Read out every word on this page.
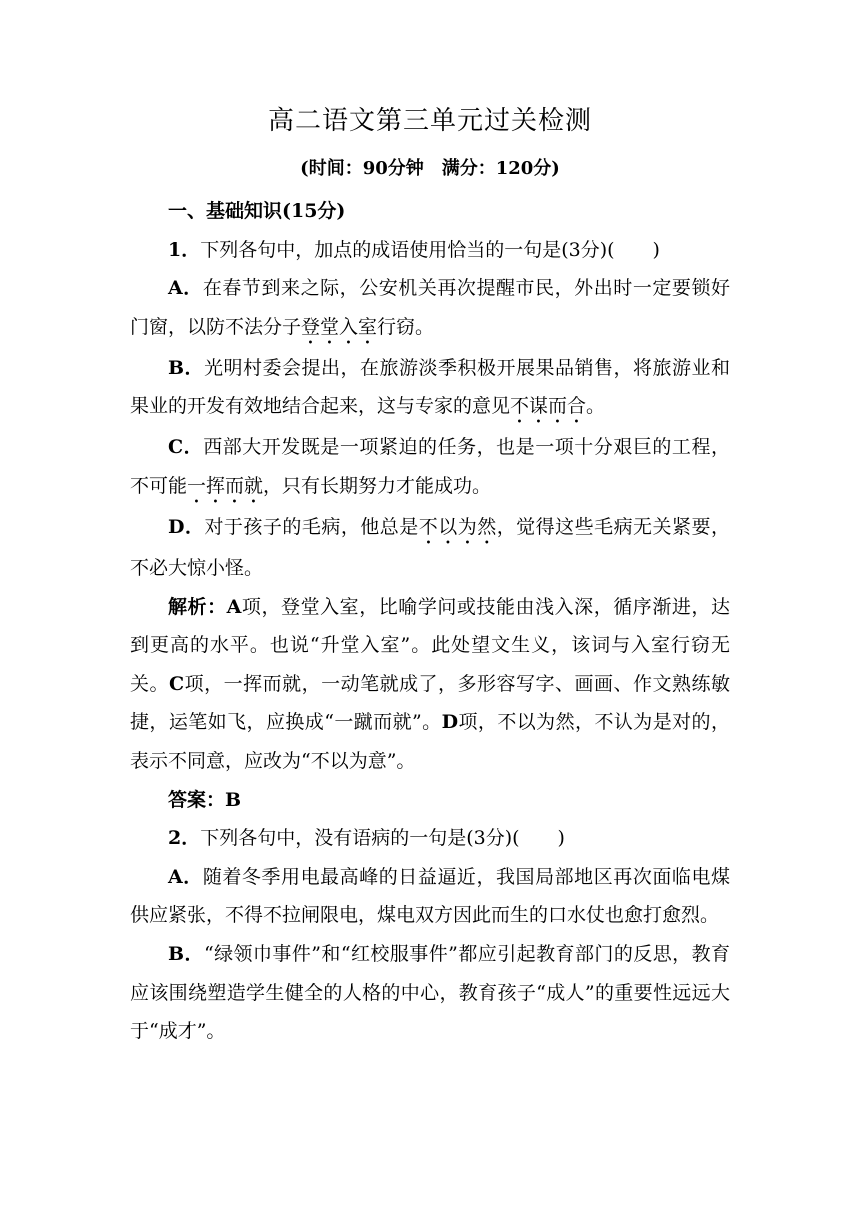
高二语文第三单元过关检测
(时间：90分钟　满分：120分)

一、基础知识(15分)

1．下列各句中，加点的成语使用恰当的一句是(3分)(　　)

A．在春节到来之际，公安机关再次提醒市民，外出时一定要锁好门窗，以防不法分子登堂入室行窃。

B．光明村委会提出，在旅游淡季积极开展果品销售，将旅游业和果业的开发有效地结合起来，这与专家的意见不谋而合。

C．西部大开发既是一项紧迫的任务，也是一项十分艰巨的工程，不可能一挥而就，只有长期努力才能成功。

D．对于孩子的毛病，他总是不以为然，觉得这些毛病无关紧要，不必大惊小怪。

解析：A项，登堂入室，比喻学问或技能由浅入深，循序渐进，达到更高的水平。也说“升堂入室”。此处望文生义，该词与入室行窃无关。C项，一挥而就，一动笔就成了，多形容写字、画画、作文熟练敏捷，运笔如飞，应换成“一蹴而就”。D项，不以为然，不认为是对的，表示不同意，应改为“不以为意”。

答案：B

2．下列各句中，没有语病的一句是(3分)(　　)

A．随着冬季用电最高峰的日益逼近，我国局部地区再次面临电煤供应紧张，不得不拉闸限电，煤电双方因此而生的口水仗也愈打愈烈。

B．“绿领巾事件”和“红校服事件”都应引起教育部门的反思，教育应该围绕塑造学生健全的人格的中心，教育孩子“成人”的重要性远远大于“成才”。
